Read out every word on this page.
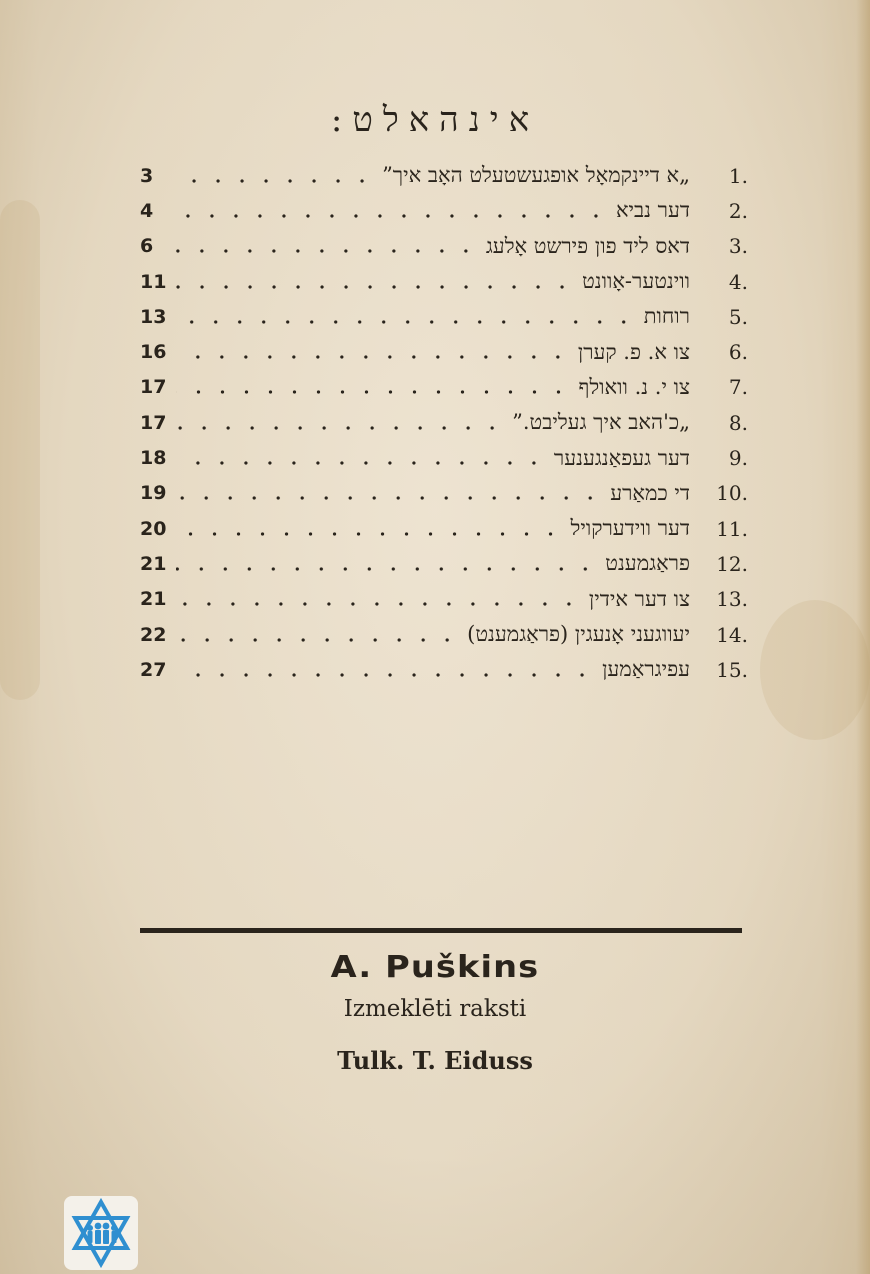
אינהאלט:
1.
„א דיינקמאָל אופגעשטעלט האָב איך”
3
2.
דער נביא
4
3.
דאס ליד פון פירשט אָלעג
6
4.
ווינטער-אָוונט
11
5.
רוחות
13
6.
צו א. פ. קערן
16
7.
צו י. נ. וואולף
17
8.
„כ'האב איך געליבט.”
17
9.
דער געפאַנגענער
18
10.
די כמאַרע
19
11.
דער ווידערקויל
20
12.
פראַגמענט
21
13.
צו דער אידין
21
14.
יעווגעני אָנעגין (פראַגמענט)
22
15.
עפיגראַמען
27
A. Puškins
Izmeklēti raksti
Tulk. T. Eiduss
